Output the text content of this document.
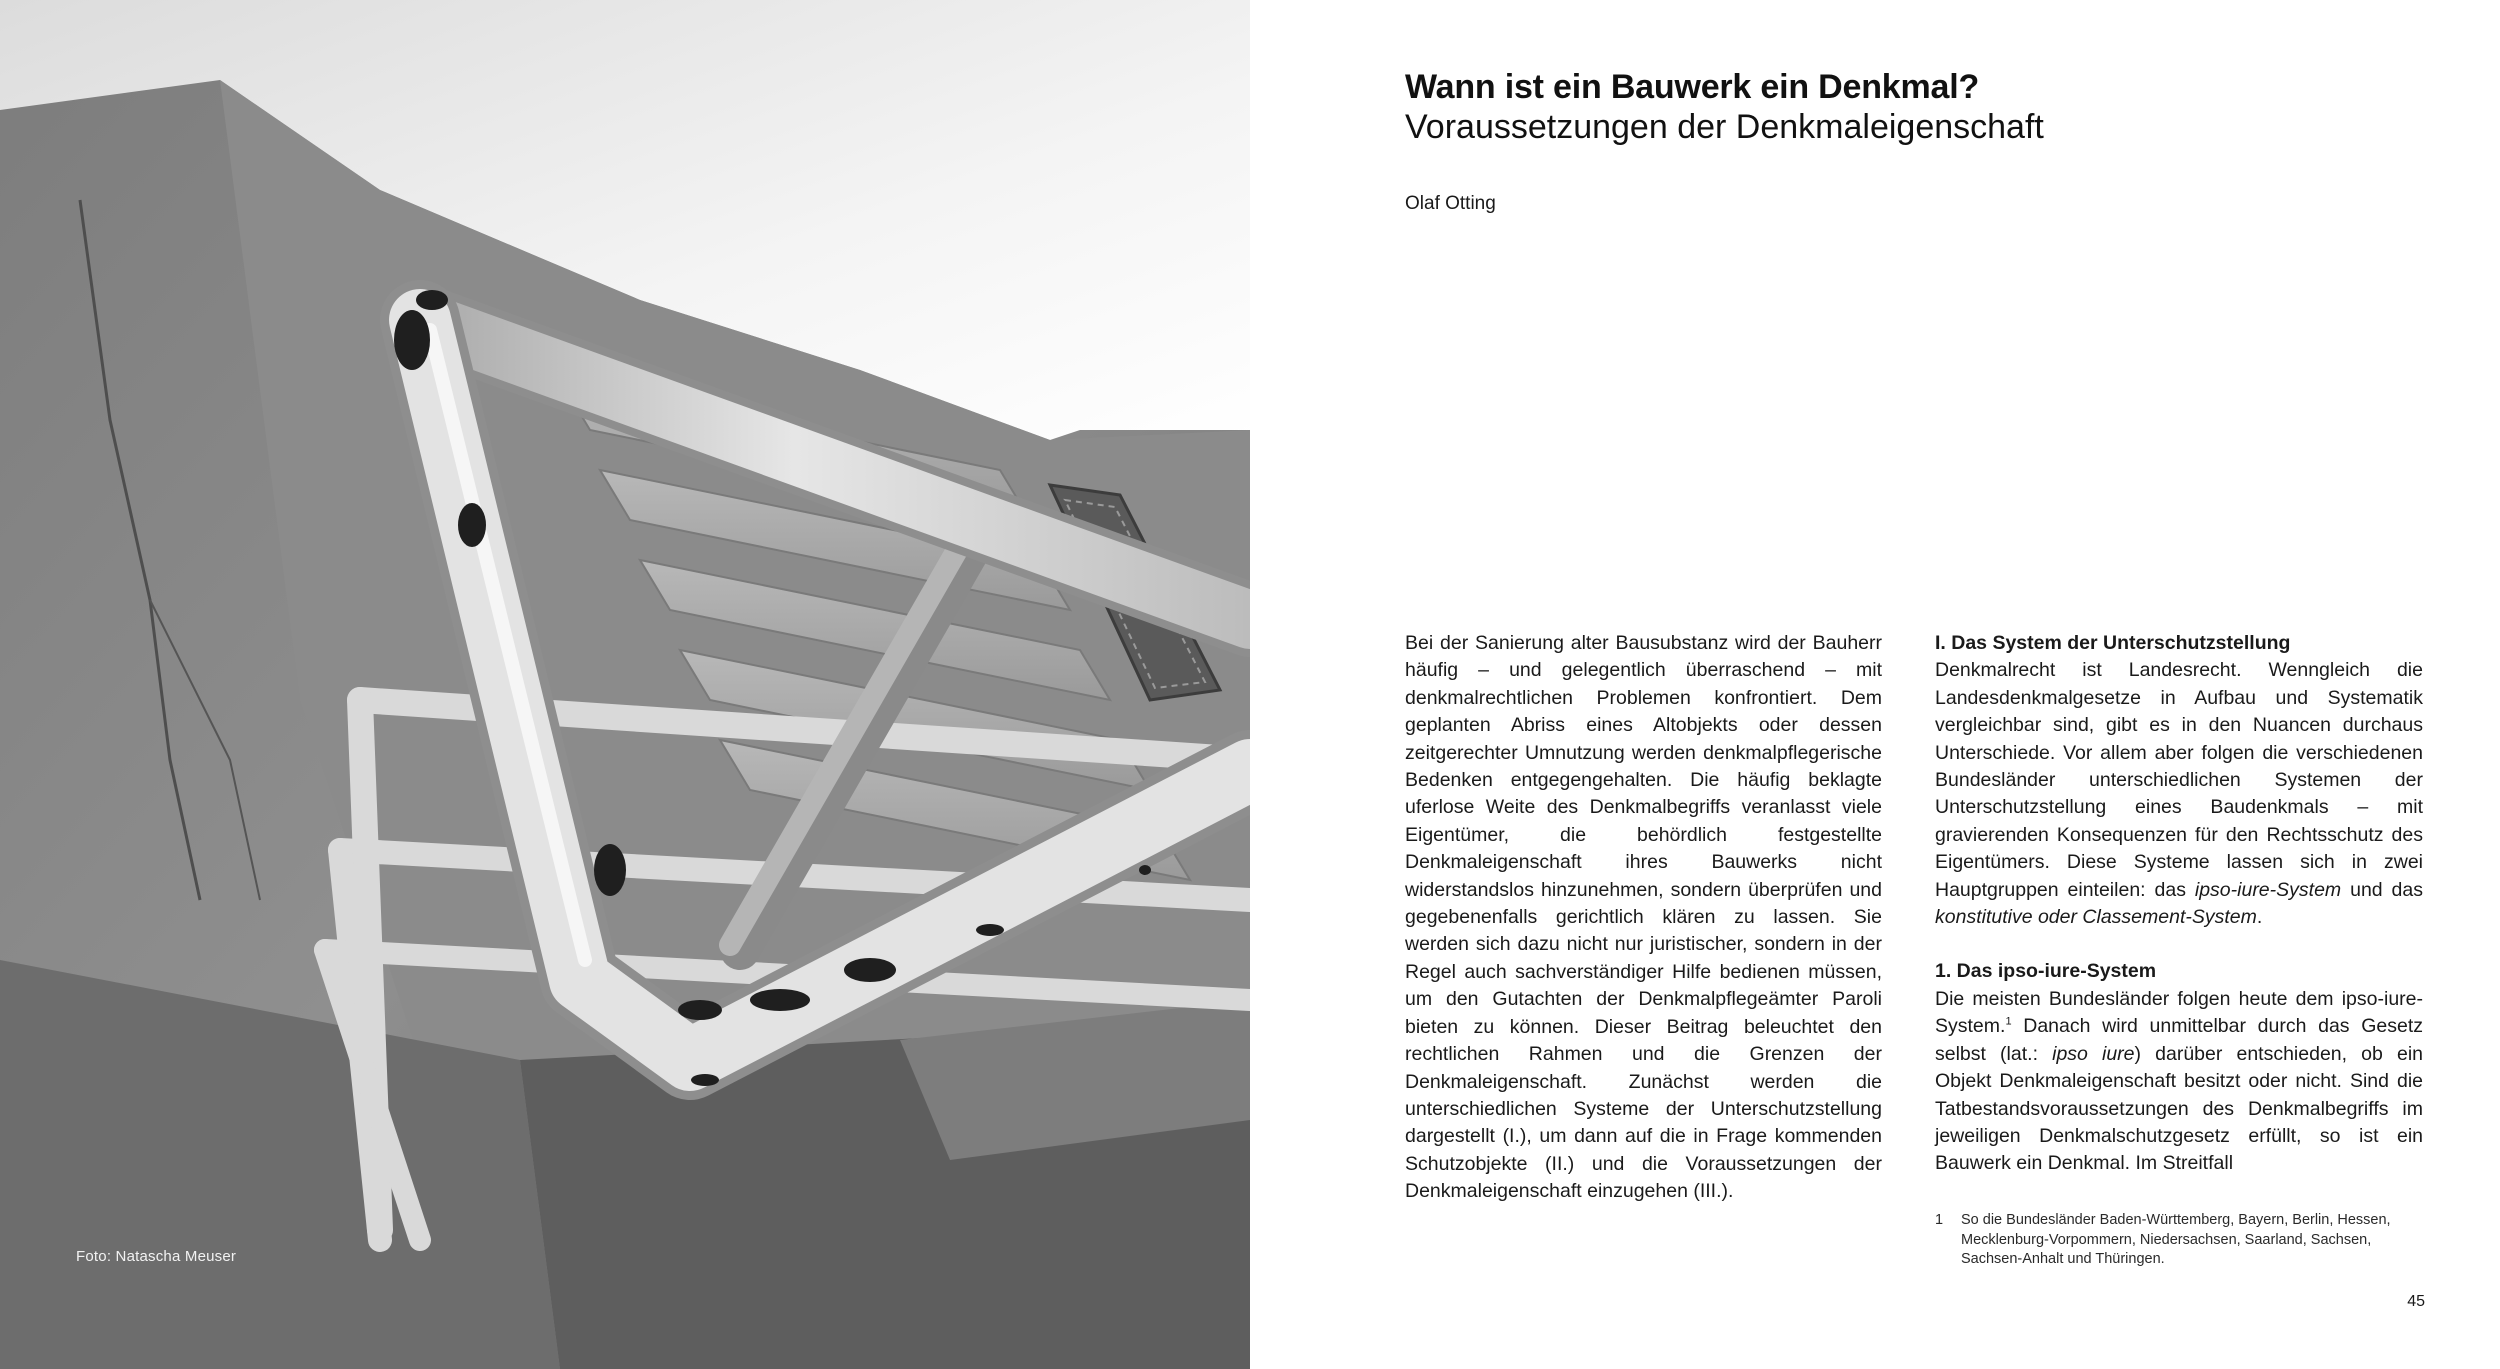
Foto: Natascha Meuser
Wann ist ein Bauwerk ein Denkmal?
Voraussetzungen der Denkmaleigenschaft
Olaf Otting

Bei der Sanierung alter Bausubstanz wird der Bauherr häufig – und gelegentlich überraschend – mit denkmalrechtlichen Problemen konfrontiert. Dem geplanten Abriss eines Altobjekts oder dessen zeitgerechter Umnutzung werden denkmalpflegerische Bedenken entgegengehalten. Die häufig beklagte uferlose Weite des Denkmalbegriffs veranlasst viele Eigentümer, die behördlich festgestellte Denkmaleigenschaft ihres Bauwerks nicht widerstandslos hinzunehmen, sondern überprüfen und gegebenenfalls gerichtlich klären zu lassen. Sie werden sich dazu nicht nur juristischer, sondern in der Regel auch sachverständiger Hilfe bedienen müssen, um den Gutachten der Denkmalpflegeämter Paroli bieten zu können. Dieser Beitrag beleuchtet den rechtlichen Rahmen und die Grenzen der Denkmaleigenschaft. Zunächst werden die unterschiedlichen Systeme der Unterschutzstellung dargestellt (I.), um dann auf die in Frage kommenden Schutzobjekte (II.) und die Voraussetzungen der Denkmaleigenschaft einzugehen (III.).

I. Das System der Unterschutzstellung

Denkmalrecht ist Landesrecht. Wenngleich die Landesdenkmalgesetze in Aufbau und Systematik vergleichbar sind, gibt es in den Nuancen durchaus Unterschiede. Vor allem aber folgen die verschiedenen Bundesländer unterschiedlichen Systemen der Unterschutzstellung eines Baudenkmals – mit gravierenden Konsequenzen für den Rechtsschutz des Eigentümers. Diese Systeme lassen sich in zwei Hauptgruppen einteilen: das ipso-iure-System und das konstitutive oder Classement-System.

1. Das ipso-iure-System

Die meisten Bundesländer folgen heute dem ipso-iure-System.$^1$ Danach wird unmittelbar durch das Gesetz selbst (lat.: ipso iure) darüber entschieden, ob ein Objekt Denkmaleigenschaft besitzt oder nicht. Sind die Tatbestandsvoraussetzungen des Denkmalbegriffs im jeweiligen Denkmalschutzgesetz erfüllt, so ist ein Bauwerk ein Denkmal. Im Streitfall

1	So die Bundesländer Baden-Württemberg, Bayern, Berlin, Hessen, Mecklenburg-Vorpommern, Niedersachsen, Saarland, Sachsen, Sachsen-Anhalt und Thüringen.
45
